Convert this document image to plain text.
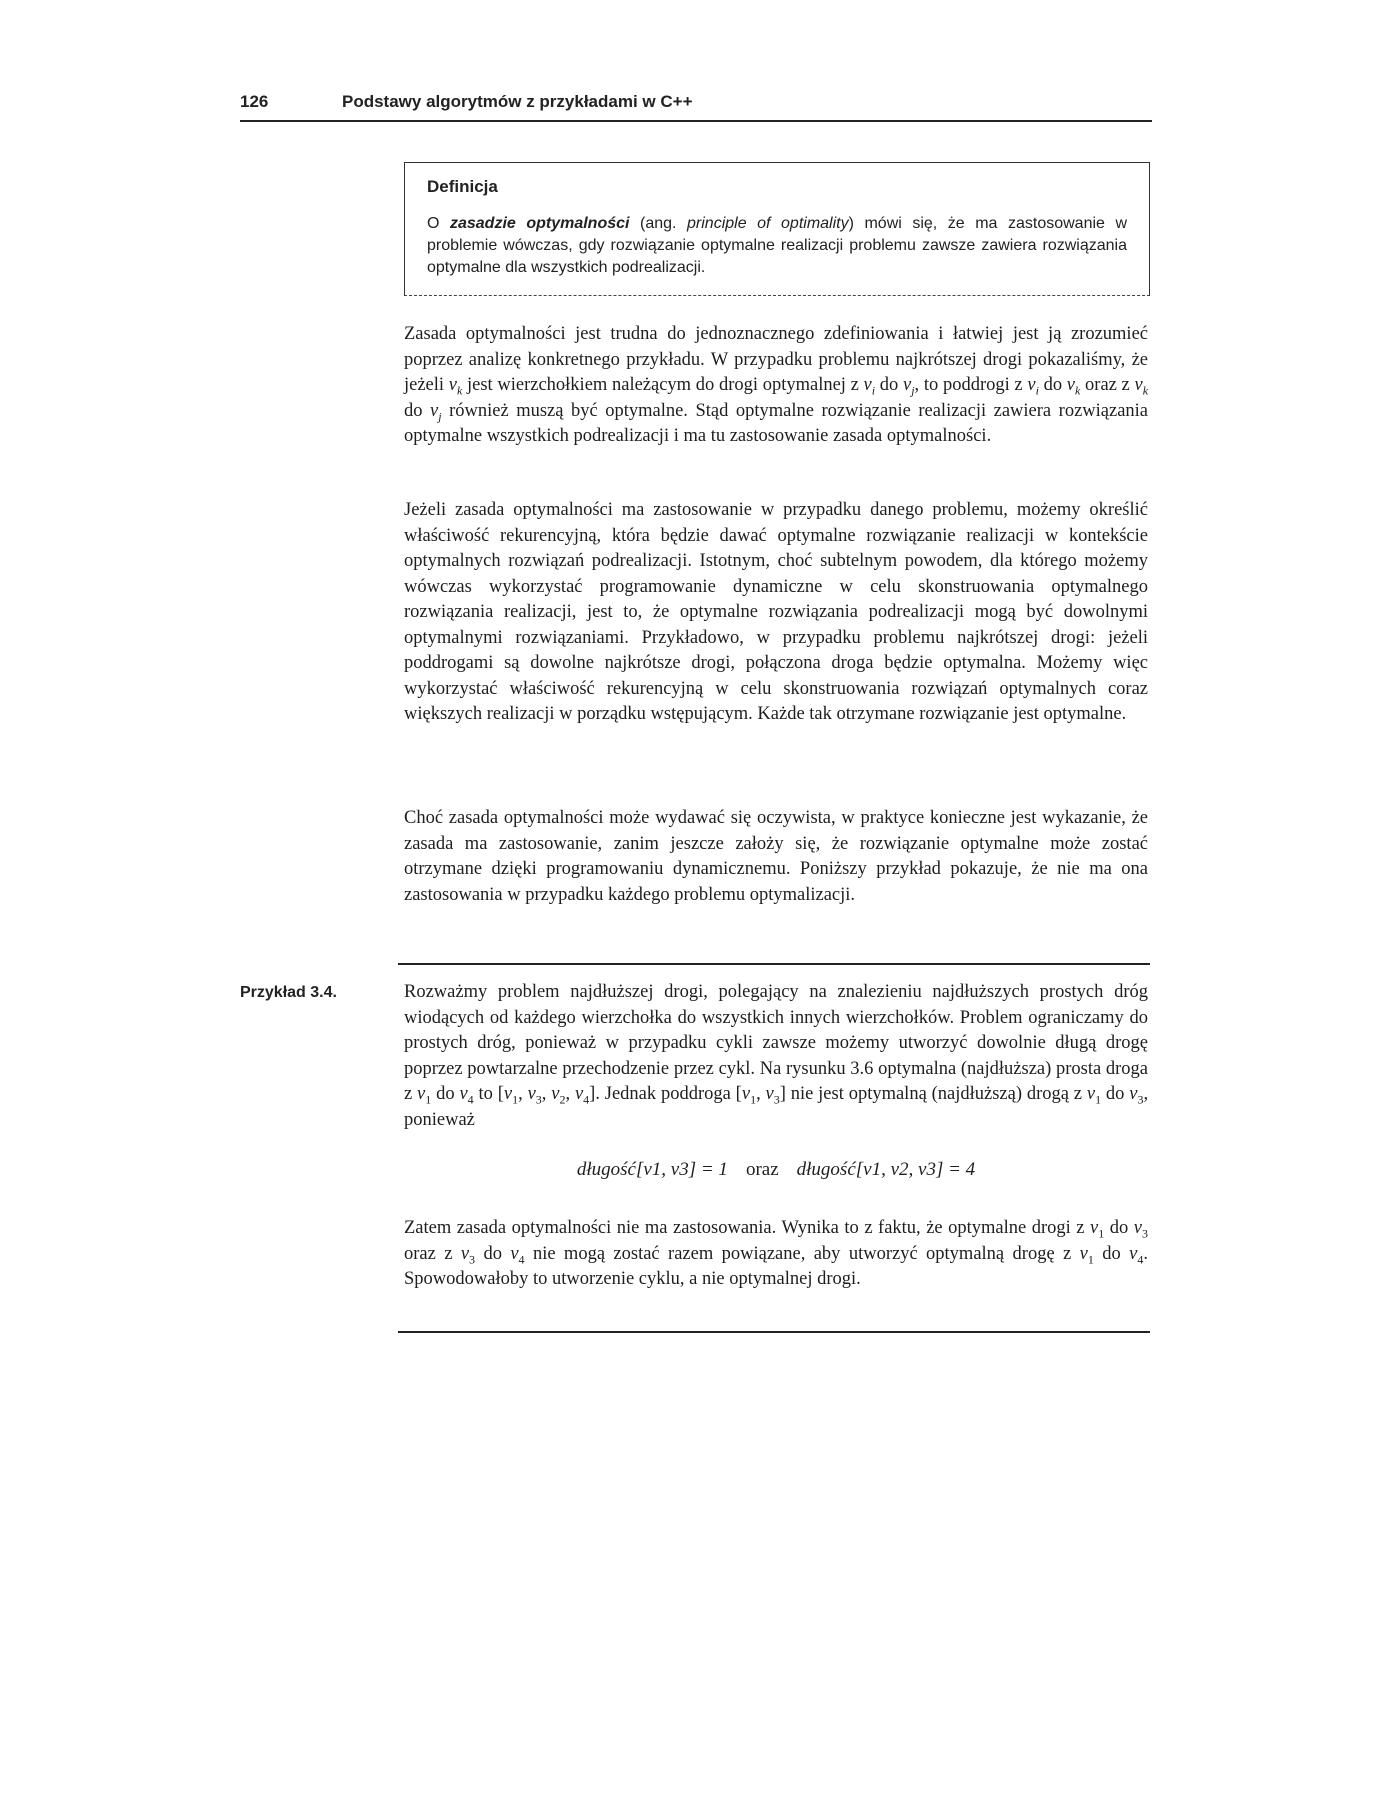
126	Podstawy algorytmów z przykładami w C++
Definicja
O zasadzie optymalności (ang. principle of optimality) mówi się, że ma zastosowanie w problemie wówczas, gdy rozwiązanie optymalne realizacji problemu zawsze zawiera rozwiązania optymalne dla wszystkich podrealizacji.

Zasada optymalności jest trudna do jednoznacznego zdefiniowania i łatwiej jest ją zrozumieć poprzez analizę konkretnego przykładu. W przypadku problemu najkrótszej drogi pokazaliśmy, że jeżeli $v_k$ jest wierzchołkiem należącym do drogi optymalnej z $v_i$ do $v_j$, to poddrogi z $v_i$ do $v_k$ oraz z $v_k$ do $v_j$ również muszą być optymalne. Stąd optymalne rozwiązanie realizacji zawiera rozwiązania optymalne wszystkich podrealizacji i ma tu zastosowanie zasada optymalności.

Jeżeli zasada optymalności ma zastosowanie w przypadku danego problemu, możemy określić właściwość rekurencyjną, która będzie dawać optymalne rozwiązanie realizacji w kontekście optymalnych rozwiązań podrealizacji. Istotnym, choć subtelnym powodem, dla którego możemy wówczas wykorzystać programowanie dynamiczne w celu skonstruowania optymalnego rozwiązania realizacji, jest to, że optymalne rozwiązania podrealizacji mogą być dowolnymi optymalnymi rozwiązaniami. Przykładowo, w przypadku problemu najkrótszej drogi: jeżeli poddrogami są dowolne najkrótsze drogi, połączona droga będzie optymalna. Możemy więc wykorzystać właściwość rekurencyjną w celu skonstruowania rozwiązań optymalnych coraz większych realizacji w porządku wstępującym. Każde tak otrzymane rozwiązanie jest optymalne.

Choć zasada optymalności może wydawać się oczywista, w praktyce konieczne jest wykazanie, że zasada ma zastosowanie, zanim jeszcze założy się, że rozwiązanie optymalne może zostać otrzymane dzięki programowaniu dynamicznemu. Poniższy przykład pokazuje, że nie ma ona zastosowania w przypadku każdego problemu optymalizacji.

Przykład 3.4.	Rozważmy problem najdłuższej drogi, polegający na znalezieniu najdłuższych prostych dróg wiodących od każdego wierzchołka do wszystkich innych wierzchołków. Problem ograniczamy do prostych dróg, ponieważ w przypadku cykli zawsze możemy utworzyć dowolnie długą drogę poprzez powtarzalne przechodzenie przez cykl. Na rysunku 3.6 optymalna (najdłuższa) prosta droga z $v_1$ do $v_4$ to [$v_1$, $v_3$, $v_2$, $v_4$]. Jednak poddroga [$v_1$, $v_3$] nie jest optymalną (najdłuższą) drogą z $v_1$ do $v_3$, ponieważ

długość[v1, v3] = 1 oraz długość[v1, v2, v3] = 4

Zatem zasada optymalności nie ma zastosowania. Wynika to z faktu, że optymalne drogi z $v_1$ do $v_3$ oraz z $v_3$ do $v_4$ nie mogą zostać razem powiązane, aby utworzyć optymalną drogę z $v_1$ do $v_4$. Spowodowałoby to utworzenie cyklu, a nie optymalnej drogi.
